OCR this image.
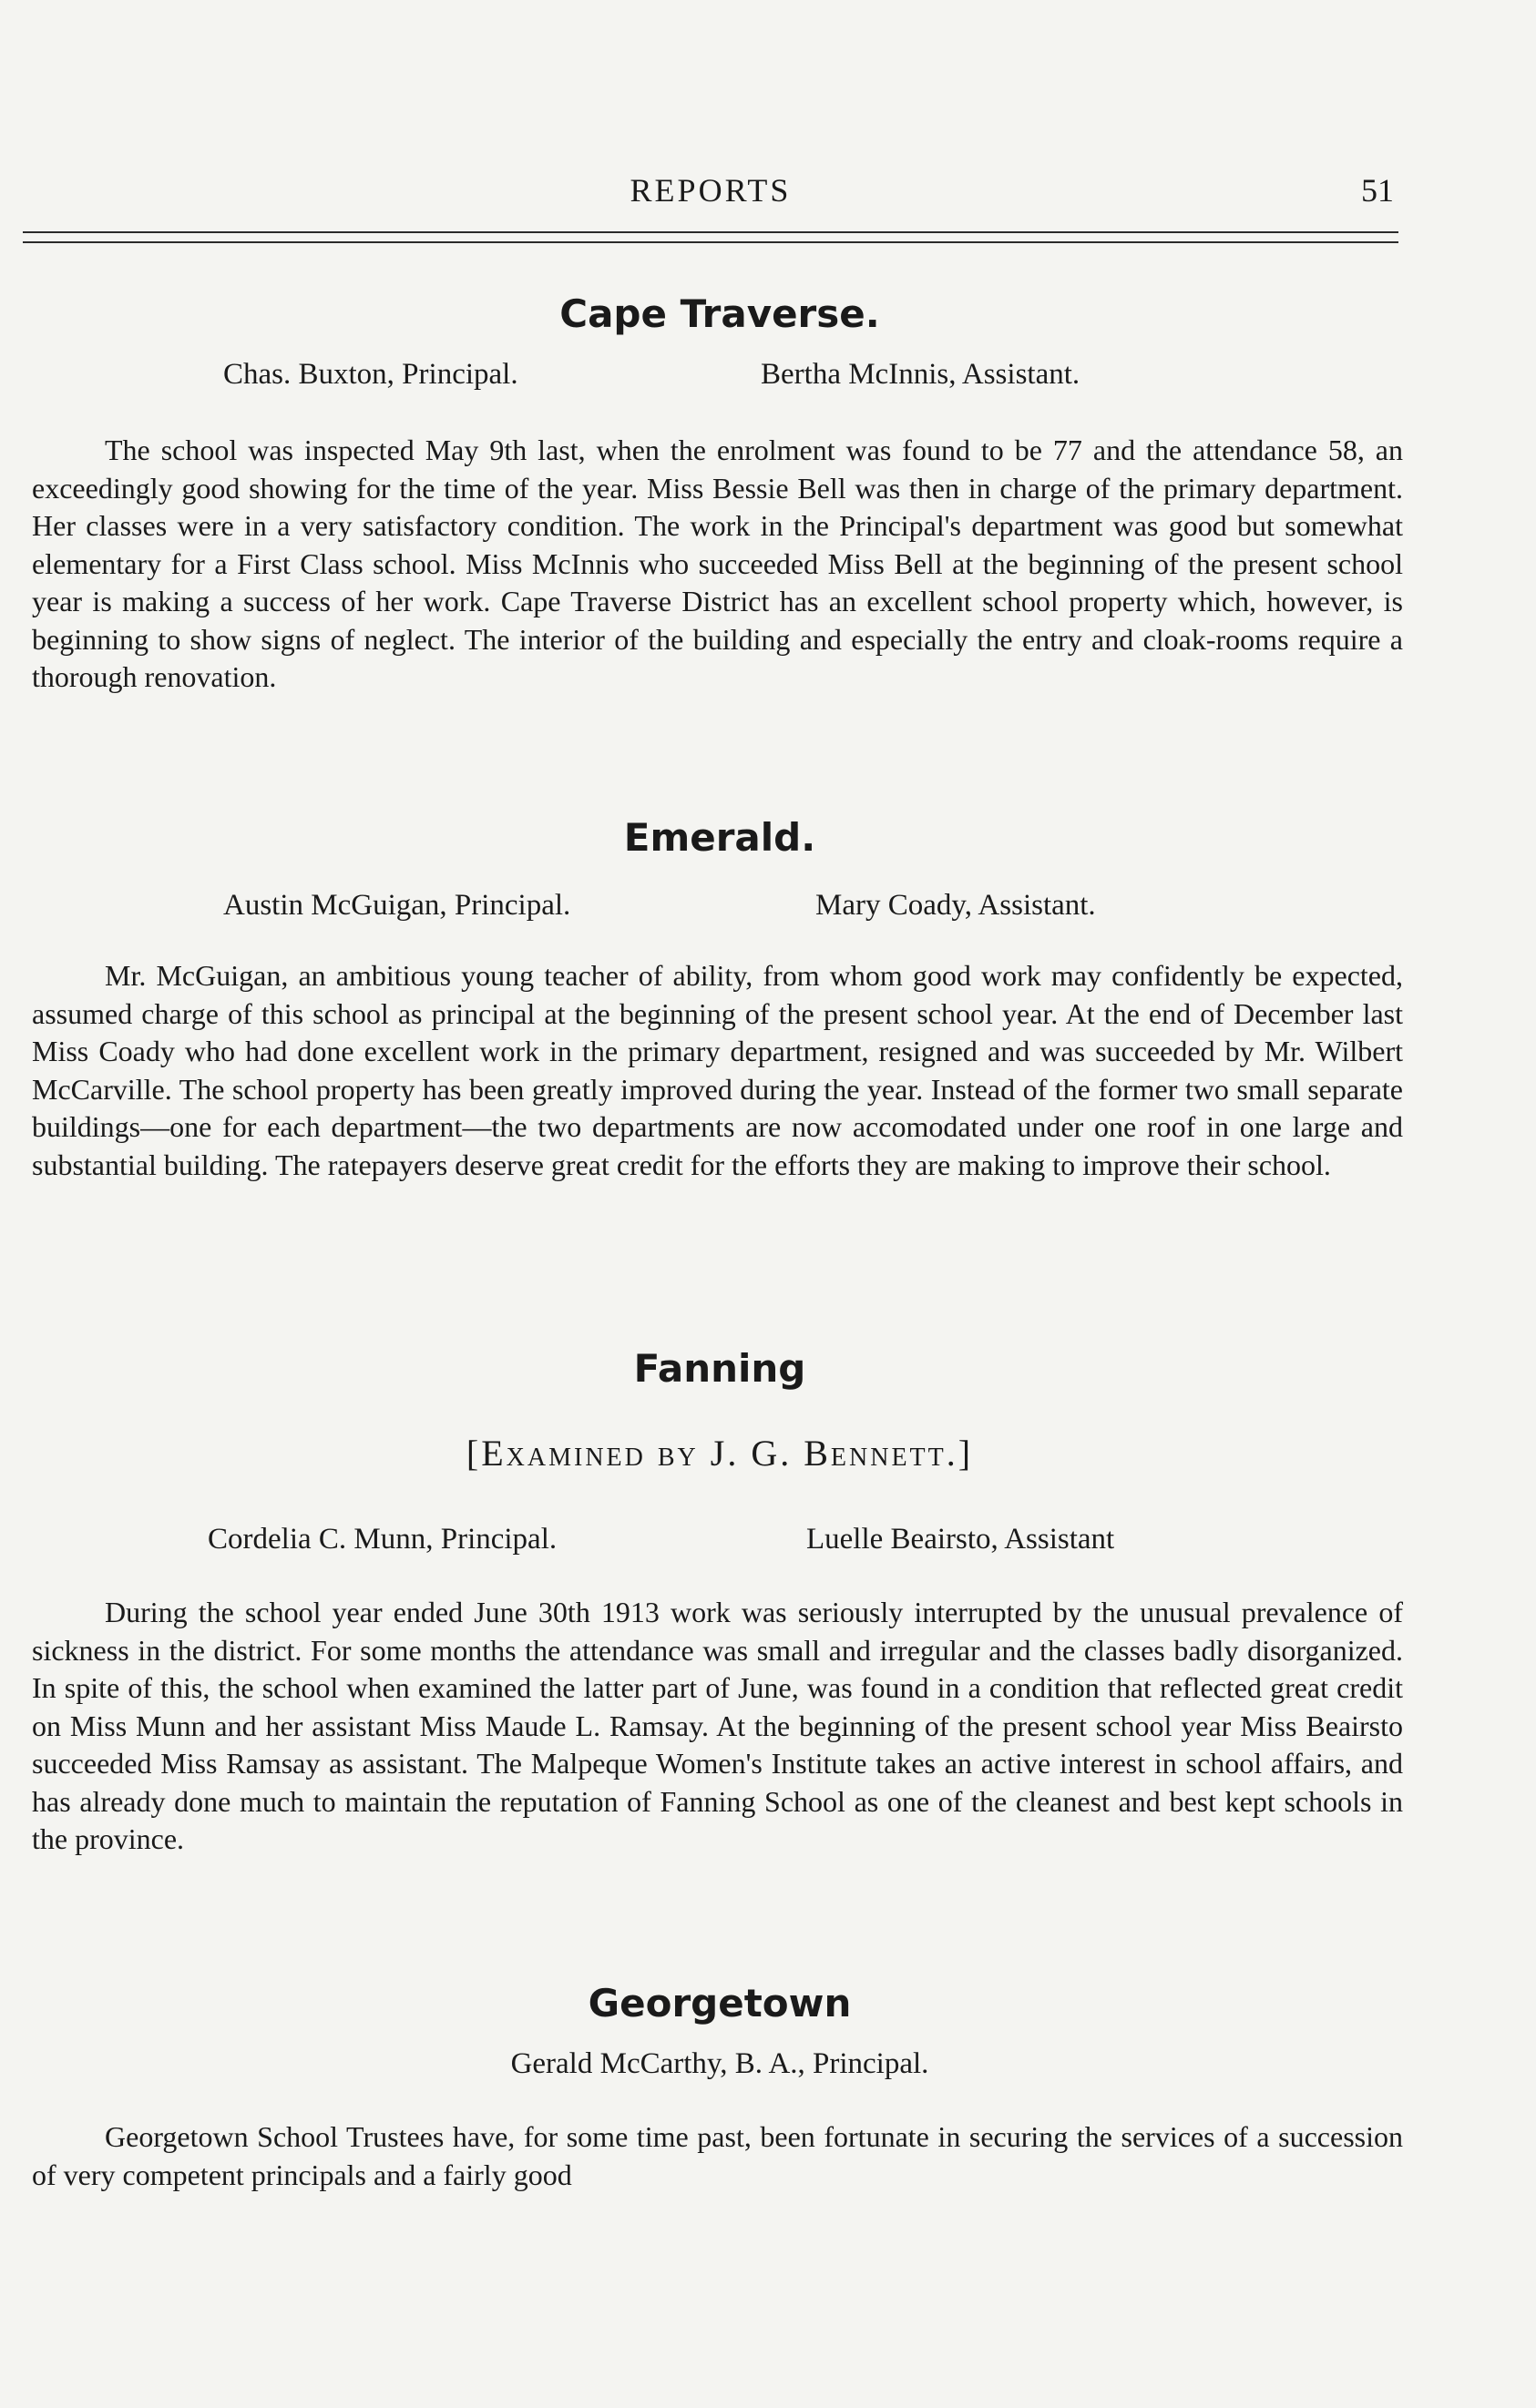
REPORTS	51
Cape Traverse.
Chas. Buxton, Principal.	Bertha McInnis, Assistant.

The school was inspected May 9th last, when the enrolment was found to be 77 and the attendance 58, an exceedingly good showing for the time of the year. Miss Bessie Bell was then in charge of the primary department. Her classes were in a very satisfactory condition. The work in the Principal's department was good but somewhat elementary for a First Class school. Miss McInnis who succeeded Miss Bell at the beginning of the present school year is making a success of her work. Cape Traverse District has an excellent school property which, however, is beginning to show signs of neglect. The interior of the building and especially the entry and cloak-rooms require a thorough renovation.

Emerald.
Austin McGuigan, Principal.	Mary Coady, Assistant.

Mr. McGuigan, an ambitious young teacher of ability, from whom good work may confidently be expected, assumed charge of this school as principal at the beginning of the present school year. At the end of December last Miss Coady who had done excellent work in the primary department, resigned and was succeeded by Mr. Wilbert McCarville. The school property has been greatly improved during the year. Instead of the former two small separate buildings—one for each department—the two departments are now accomodated under one roof in one large and substantial building. The ratepayers deserve great credit for the efforts they are making to improve their school.

Fanning
[Examined by J. G. Bennett.]
Cordelia C. Munn, Principal.	Luelle Beairsto, Assistant

During the school year ended June 30th 1913 work was seriously interrupted by the unusual prevalence of sickness in the district. For some months the attendance was small and irregular and the classes badly disorganized. In spite of this, the school when examined the latter part of June, was found in a condition that reflected great credit on Miss Munn and her assistant Miss Maude L. Ramsay. At the beginning of the present school year Miss Beairsto succeeded Miss Ramsay as assistant. The Malpeque Women's Institute takes an active interest in school affairs, and has already done much to maintain the reputation of Fanning School as one of the cleanest and best kept schools in the province.

Georgetown
Gerald McCarthy, B. A., Principal.

Georgetown School Trustees have, for some time past, been fortunate in securing the services of a succession of very competent principals and a fairly good
